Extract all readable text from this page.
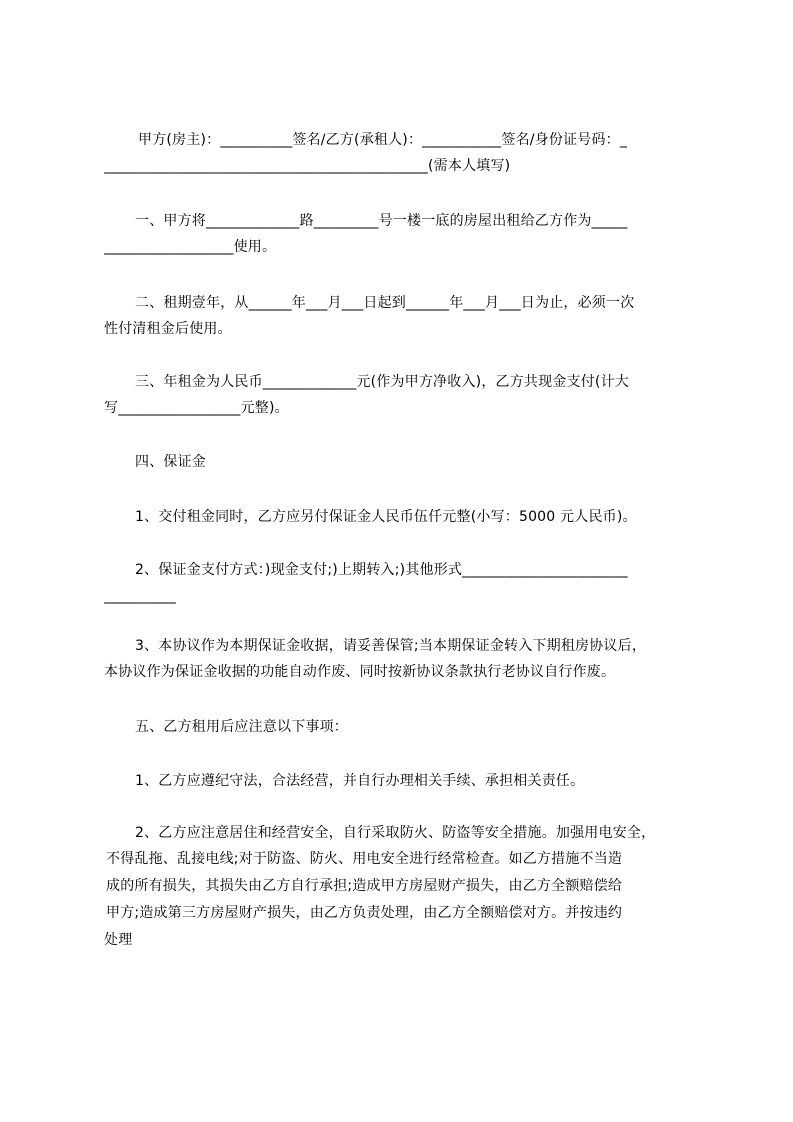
甲方(房主)：__________签名/乙方(承租人)：___________签名/身份证号码：_
_____________________________________________(需本人填写)
一、甲方将_____________路_________号一楼一底的房屋出租给乙方作为_____
__________________使用。
二、租期壹年，从______年___月___日起到______年___月___日为止，必须一次
性付清租金后使用。
三、年租金为人民币_____________元(作为甲方净收入)，乙方共现金支付(计大
写_________________元整)。
四、保证金
1、交付租金同时，乙方应另付保证金人民币伍仟元整(小写：5000 元人民币)。
2、保证金支付方式：)现金支付;)上期转入;)其他形式_______________________
__________
3、本协议作为本期保证金收据，请妥善保管;当本期保证金转入下期租房协议后，
本协议作为保证金收据的功能自动作废、同时按新协议条款执行老协议自行作废。
五、乙方租用后应注意以下事项：
1、乙方应遵纪守法，合法经营，并自行办理相关手续、承担相关责任。
2、乙方应注意居住和经营安全，自行采取防火、防盗等安全措施。加强用电安全，
不得乱拖、乱接电线;对于防盗、防火、用电安全进行经常检查。如乙方措施不当造
成的所有损失，其损失由乙方自行承担;造成甲方房屋财产损失，由乙方全额赔偿给
甲方;造成第三方房屋财产损失，由乙方负责处理，由乙方全额赔偿对方。并按违约
处理
